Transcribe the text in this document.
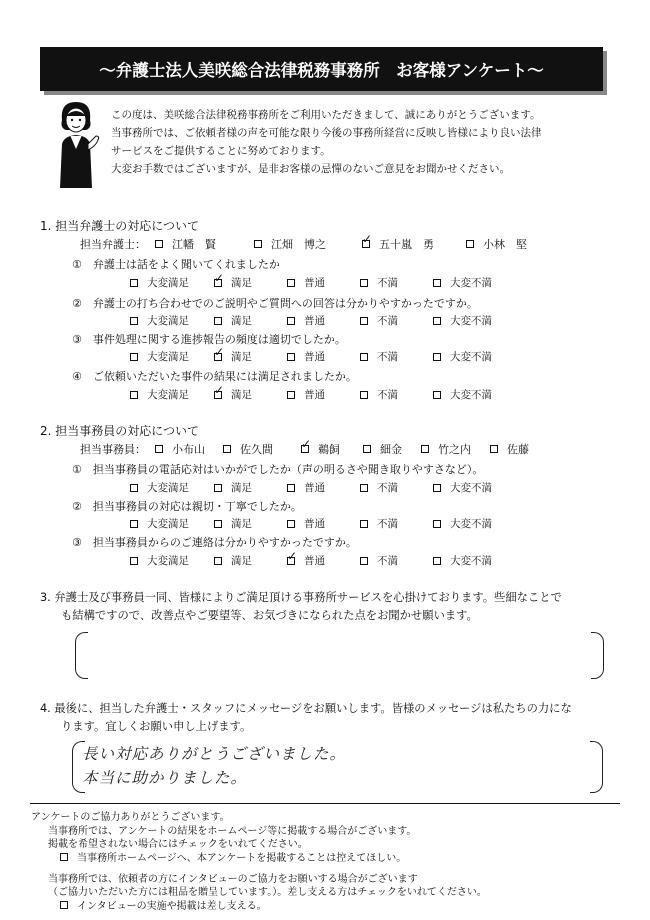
～弁護士法人美咲総合法律税務事務所　お客様アンケート～
この度は、美咲総合法律税務事務所をご利用いただきまして、誠にありがとうございます。
当事務所では、ご依頼者様の声を可能な限り今後の事務所経営に反映し皆様により良い法律
サービスをご提供することに努めております。
大変お手数ではございますが、是非お客様の忌憚のないご意見をお聞かせください。
1. 担当弁護士の対応について
担当弁護士：	江幡　賢	江畑　博之	✓ 五十嵐　勇	小林　堅
①　 弁護士は話をよく聞いてくれましたか
大変満足 ✓ 満足	普通	不満	大変不満
②　 弁護士の打ち合わせでのご説明やご質問への回答は分かりやすかったですか。
大変満足	満足	普通	不満	大変不満
③　 事件処理に関する進捗報告の頻度は適切でしたか。
大変満足 ✓ 満足	普通	不満	大変不満
④　 ご依頼いただいた事件の結果には満足されましたか。
大変満足 ✓ 満足	普通	不満	大変不満
2. 担当事務員の対応について
担当事務員：	小布山	佐久間 ✓ 鵜飼	細金	竹之内	佐藤
①　 担当事務員の電話応対はいかがでしたか（声の明るさや聞き取りやすさなど）。
大変満足	満足	普通	不満	大変不満
②　 担当事務員の対応は親切・丁寧でしたか。
大変満足	満足	普通	不満	大変不満
③　 担当事務員からのご連絡は分かりやすかったですか。
大変満足	満足	✓ 普通	不満	大変不満
3. 弁護士及び事務員一同、皆様によりご満足頂ける事務所サービスを心掛けております。些細なことで
も結構ですので、改善点やご要望等、お気づきになられた点をお聞かせ願います。
4. 最後に、担当した弁護士・スタッフにメッセージをお願いします。皆様のメッセージは私たちの力にな
ります。宜しくお願い申し上げます。
長い対応ありがとうございました。
本当に助かりました。
アンケートのご協力ありがとうございます。
当事務所では、アンケートの結果をホームページ等に掲載する場合がございます。
掲載を希望されない場合にはチェックをいれてください。
当事務所ホームページへ、本アンケートを掲載することは控えてほしい。
当事務所では、依頼者の方にインタビューのご協力をお願いする場合がございます
（ご協力いただいた方には粗品を贈呈しています。）。差し支える方はチェックをいれてください。
インタビューの実施や掲載は差し支える。
